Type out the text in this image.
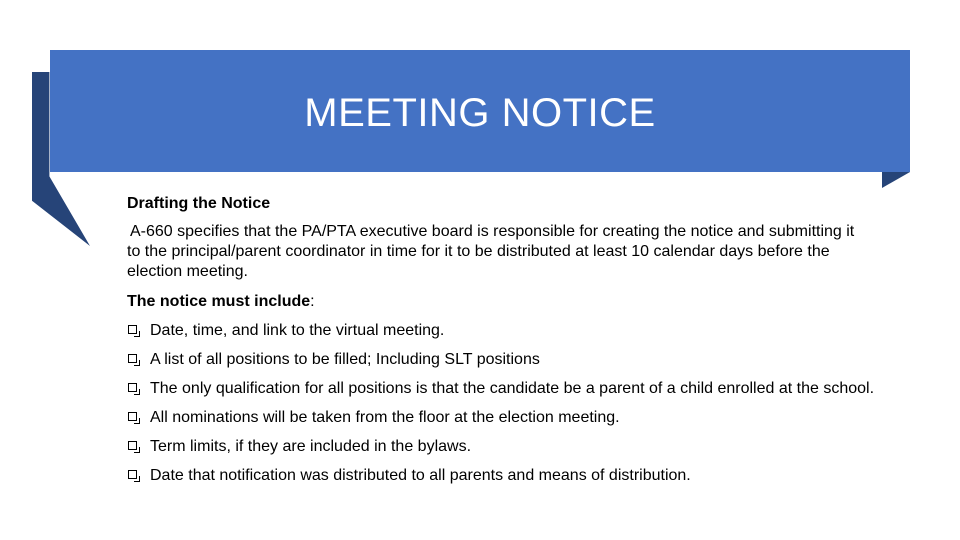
MEETING NOTICE
Drafting the Notice
A-660 specifies that the PA/PTA executive board is responsible for creating the notice and submitting it to the principal/parent coordinator in time for it to be distributed at least 10 calendar days before the election meeting.
The notice must include:
Date, time, and link to the virtual meeting.
A list of all positions to be filled; Including SLT positions
The only qualification for all positions is that the candidate be a parent of a child enrolled at the school.
All nominations will be taken from the floor at the election meeting.
Term limits, if they are included in the bylaws.
Date that notification was distributed to all parents and means of distribution.
